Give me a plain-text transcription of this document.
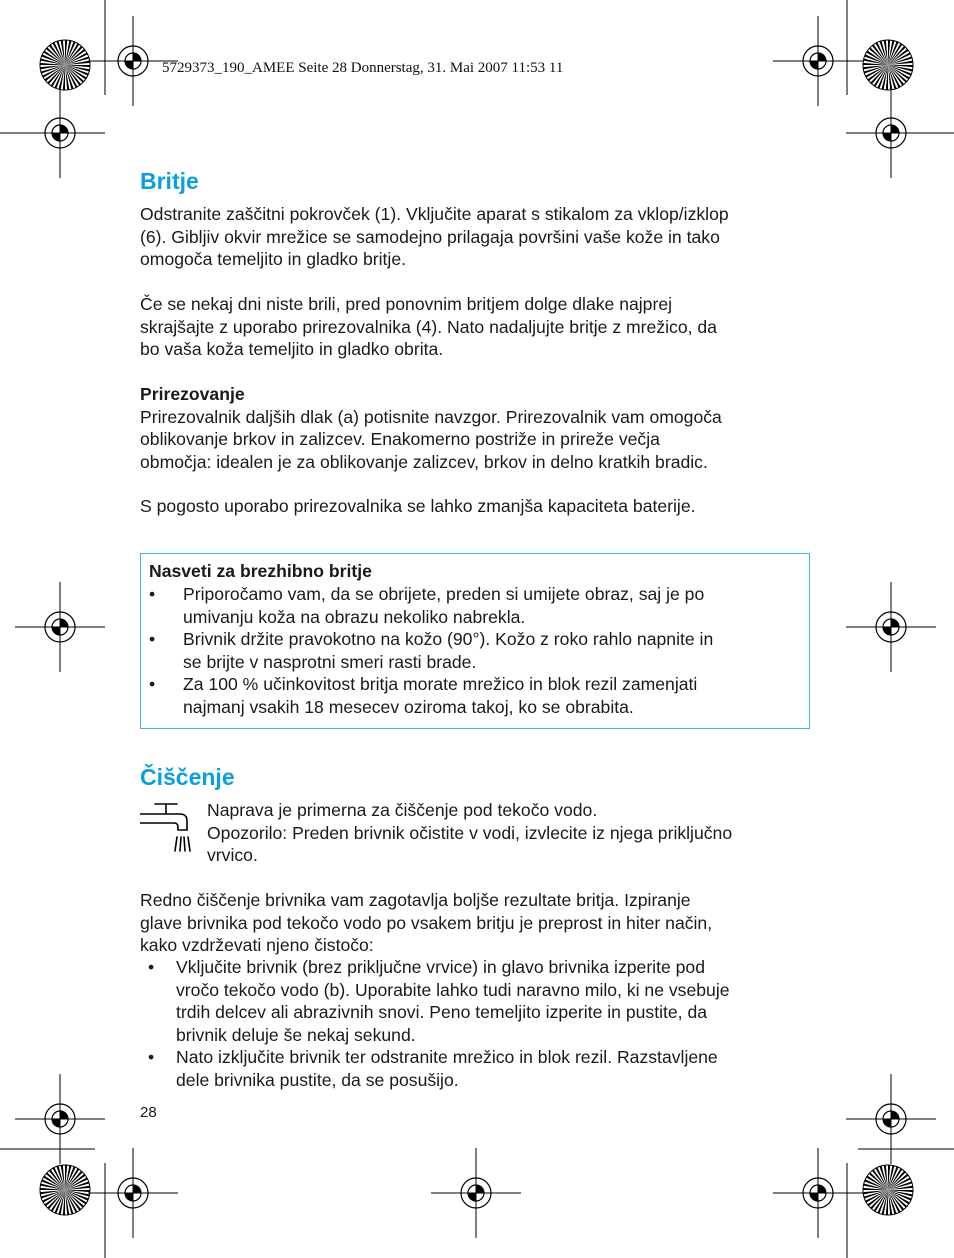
5729373_190_AMEE Seite 28 Donnerstag, 31. Mai 2007 11:53 11
Britje

Odstranite zaščitni pokrovček (1). Vključite aparat s stikalom za vklop/izklop

(6). Gibljiv okvir mrežice se samodejno prilagaja površini vaše kože in tako

omogoča temeljito in gladko britje.

Če se nekaj dni niste brili, pred ponovnim britjem dolge dlake najprej

skrajšajte z uporabo prirezovalnika (4). Nato nadaljujte britje z mrežico, da

bo vaša koža temeljito in gladko obrita.

Prirezovanje

Prirezovalnik daljših dlak (a) potisnite navzgor. Prirezovalnik vam omogoča

oblikovanje brkov in zalizcev. Enakomerno postriže in prireže večja

območja: idealen je za oblikovanje zalizcev, brkov in delno kratkih bradic.

S pogosto uporabo prirezovalnika se lahko zmanjša kapaciteta baterije.

Nasveti za brezhibno britje
• Priporočamo vam, da se obrijete, preden si umijete obraz, saj je po
umivanju koža na obrazu nekoliko nabrekla.
• Brivnik držite pravokotno na kožo (90°). Kožo z roko rahlo napnite in
se brijte v nasprotni smeri rasti brade.
• Za 100 % učinkovitost britja morate mrežico in blok rezil zamenjati
najmanj vsakih 18 mesecev oziroma takoj, ko se obrabita.
Čiščenje

Naprava je primerna za čiščenje pod tekočo vodo.

Opozorilo: Preden brivnik očistite v vodi, izvlecite iz njega priključno

vrvico.

Redno čiščenje brivnika vam zagotavlja boljše rezultate britja. Izpiranje

glave brivnika pod tekočo vodo po vsakem britju je preprost in hiter način,

kako vzdrževati njeno čistočo:

• Vključite brivnik (brez priključne vrvice) in glavo brivnika izperite pod
vročo tekočo vodo (b). Uporabite lahko tudi naravno milo, ki ne vsebuje
trdih delcev ali abrazivnih snovi. Peno temeljito izperite in pustite, da
brivnik deluje še nekaj sekund.
• Nato izključite brivnik ter odstranite mrežico in blok rezil. Razstavljene
dele brivnika pustite, da se posušijo.
28
